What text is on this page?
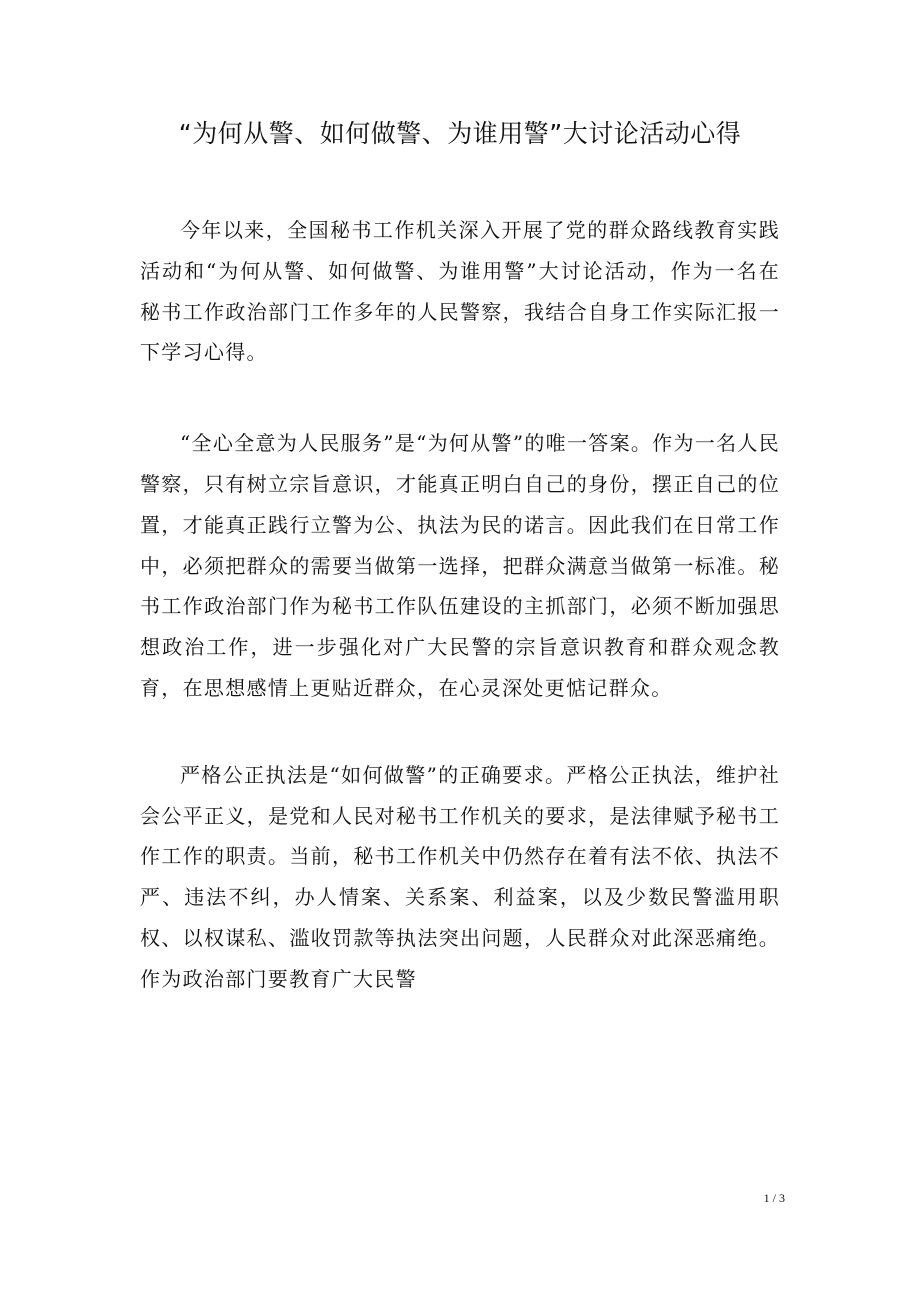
“为何从警、如何做警、为谁用警”大讨论活动心得

今年以来，全国秘书工作机关深入开展了党的群众路线教育实践活动和“为何从警、如何做警、为谁用警”大讨论活动，作为一名在秘书工作政治部门工作多年的人民警察，我结合自身工作实际汇报一下学习心得。

“全心全意为人民服务”是“为何从警”的唯一答案。作为一名人民警察，只有树立宗旨意识，才能真正明白自己的身份，摆正自己的位置，才能真正践行立警为公、执法为民的诺言。因此我们在日常工作中，必须把群众的需要当做第一选择，把群众满意当做第一标准。秘书工作政治部门作为秘书工作队伍建设的主抓部门，必须不断加强思想政治工作，进一步强化对广大民警的宗旨意识教育和群众观念教育，在思想感情上更贴近群众，在心灵深处更惦记群众。

严格公正执法是“如何做警”的正确要求。严格公正执法，维护社会公平正义，是党和人民对秘书工作机关的要求，是法律赋予秘书工作工作的职责。当前，秘书工作机关中仍然存在着有法不依、执法不严、违法不纠，办人情案、关系案、利益案，以及少数民警滥用职权、以权谋私、滥收罚款等执法突出问题，人民群众对此深恶痛绝。作为政治部门要教育广大民警

1 / 3
